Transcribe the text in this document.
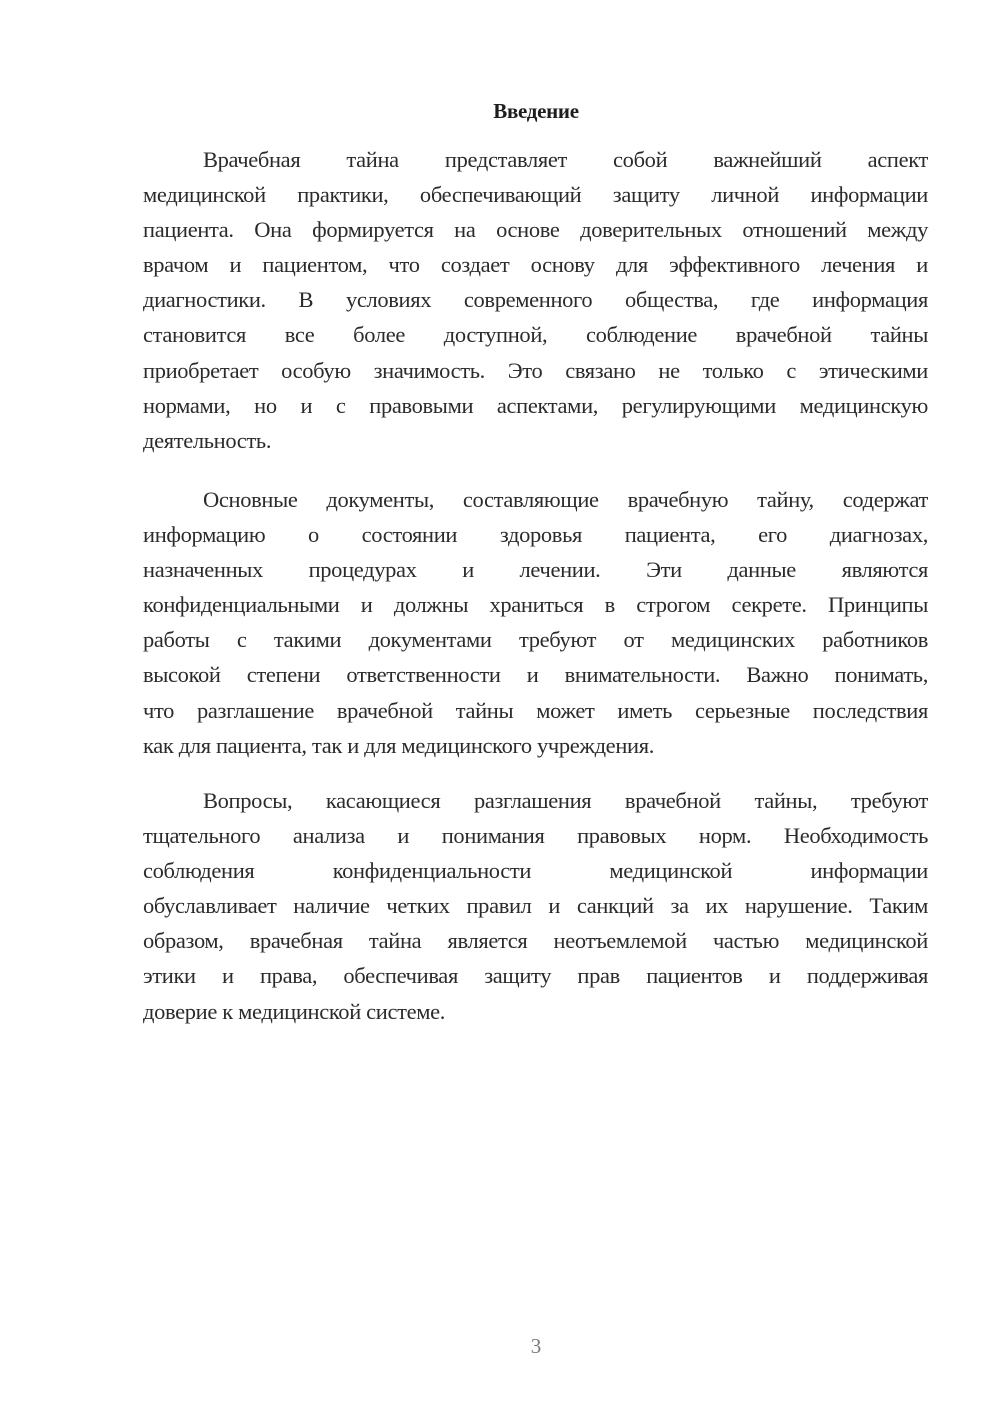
Введение
Врачебная тайна представляет собой важнейший аспект
медицинской практики, обеспечивающий защиту личной информации
пациента. Она формируется на основе доверительных отношений между
врачом и пациентом, что создает основу для эффективного лечения и
диагностики. В условиях современного общества, где информация
становится все более доступной, соблюдение врачебной тайны
приобретает особую значимость. Это связано не только с этическими
нормами, но и с правовыми аспектами, регулирующими медицинскую
деятельность.
Основные документы, составляющие врачебную тайну, содержат
информацию о состоянии здоровья пациента, его диагнозах,
назначенных процедурах и лечении. Эти данные являются
конфиденциальными и должны храниться в строгом секрете. Принципы
работы с такими документами требуют от медицинских работников
высокой степени ответственности и внимательности. Важно понимать,
что разглашение врачебной тайны может иметь серьезные последствия
как для пациента, так и для медицинского учреждения.
Вопросы, касающиеся разглашения врачебной тайны, требуют
тщательного анализа и понимания правовых норм. Необходимость
соблюдения конфиденциальности медицинской информации
обуславливает наличие четких правил и санкций за их нарушение. Таким
образом, врачебная тайна является неотъемлемой частью медицинской
этики и права, обеспечивая защиту прав пациентов и поддерживая
доверие к медицинской системе.
3
